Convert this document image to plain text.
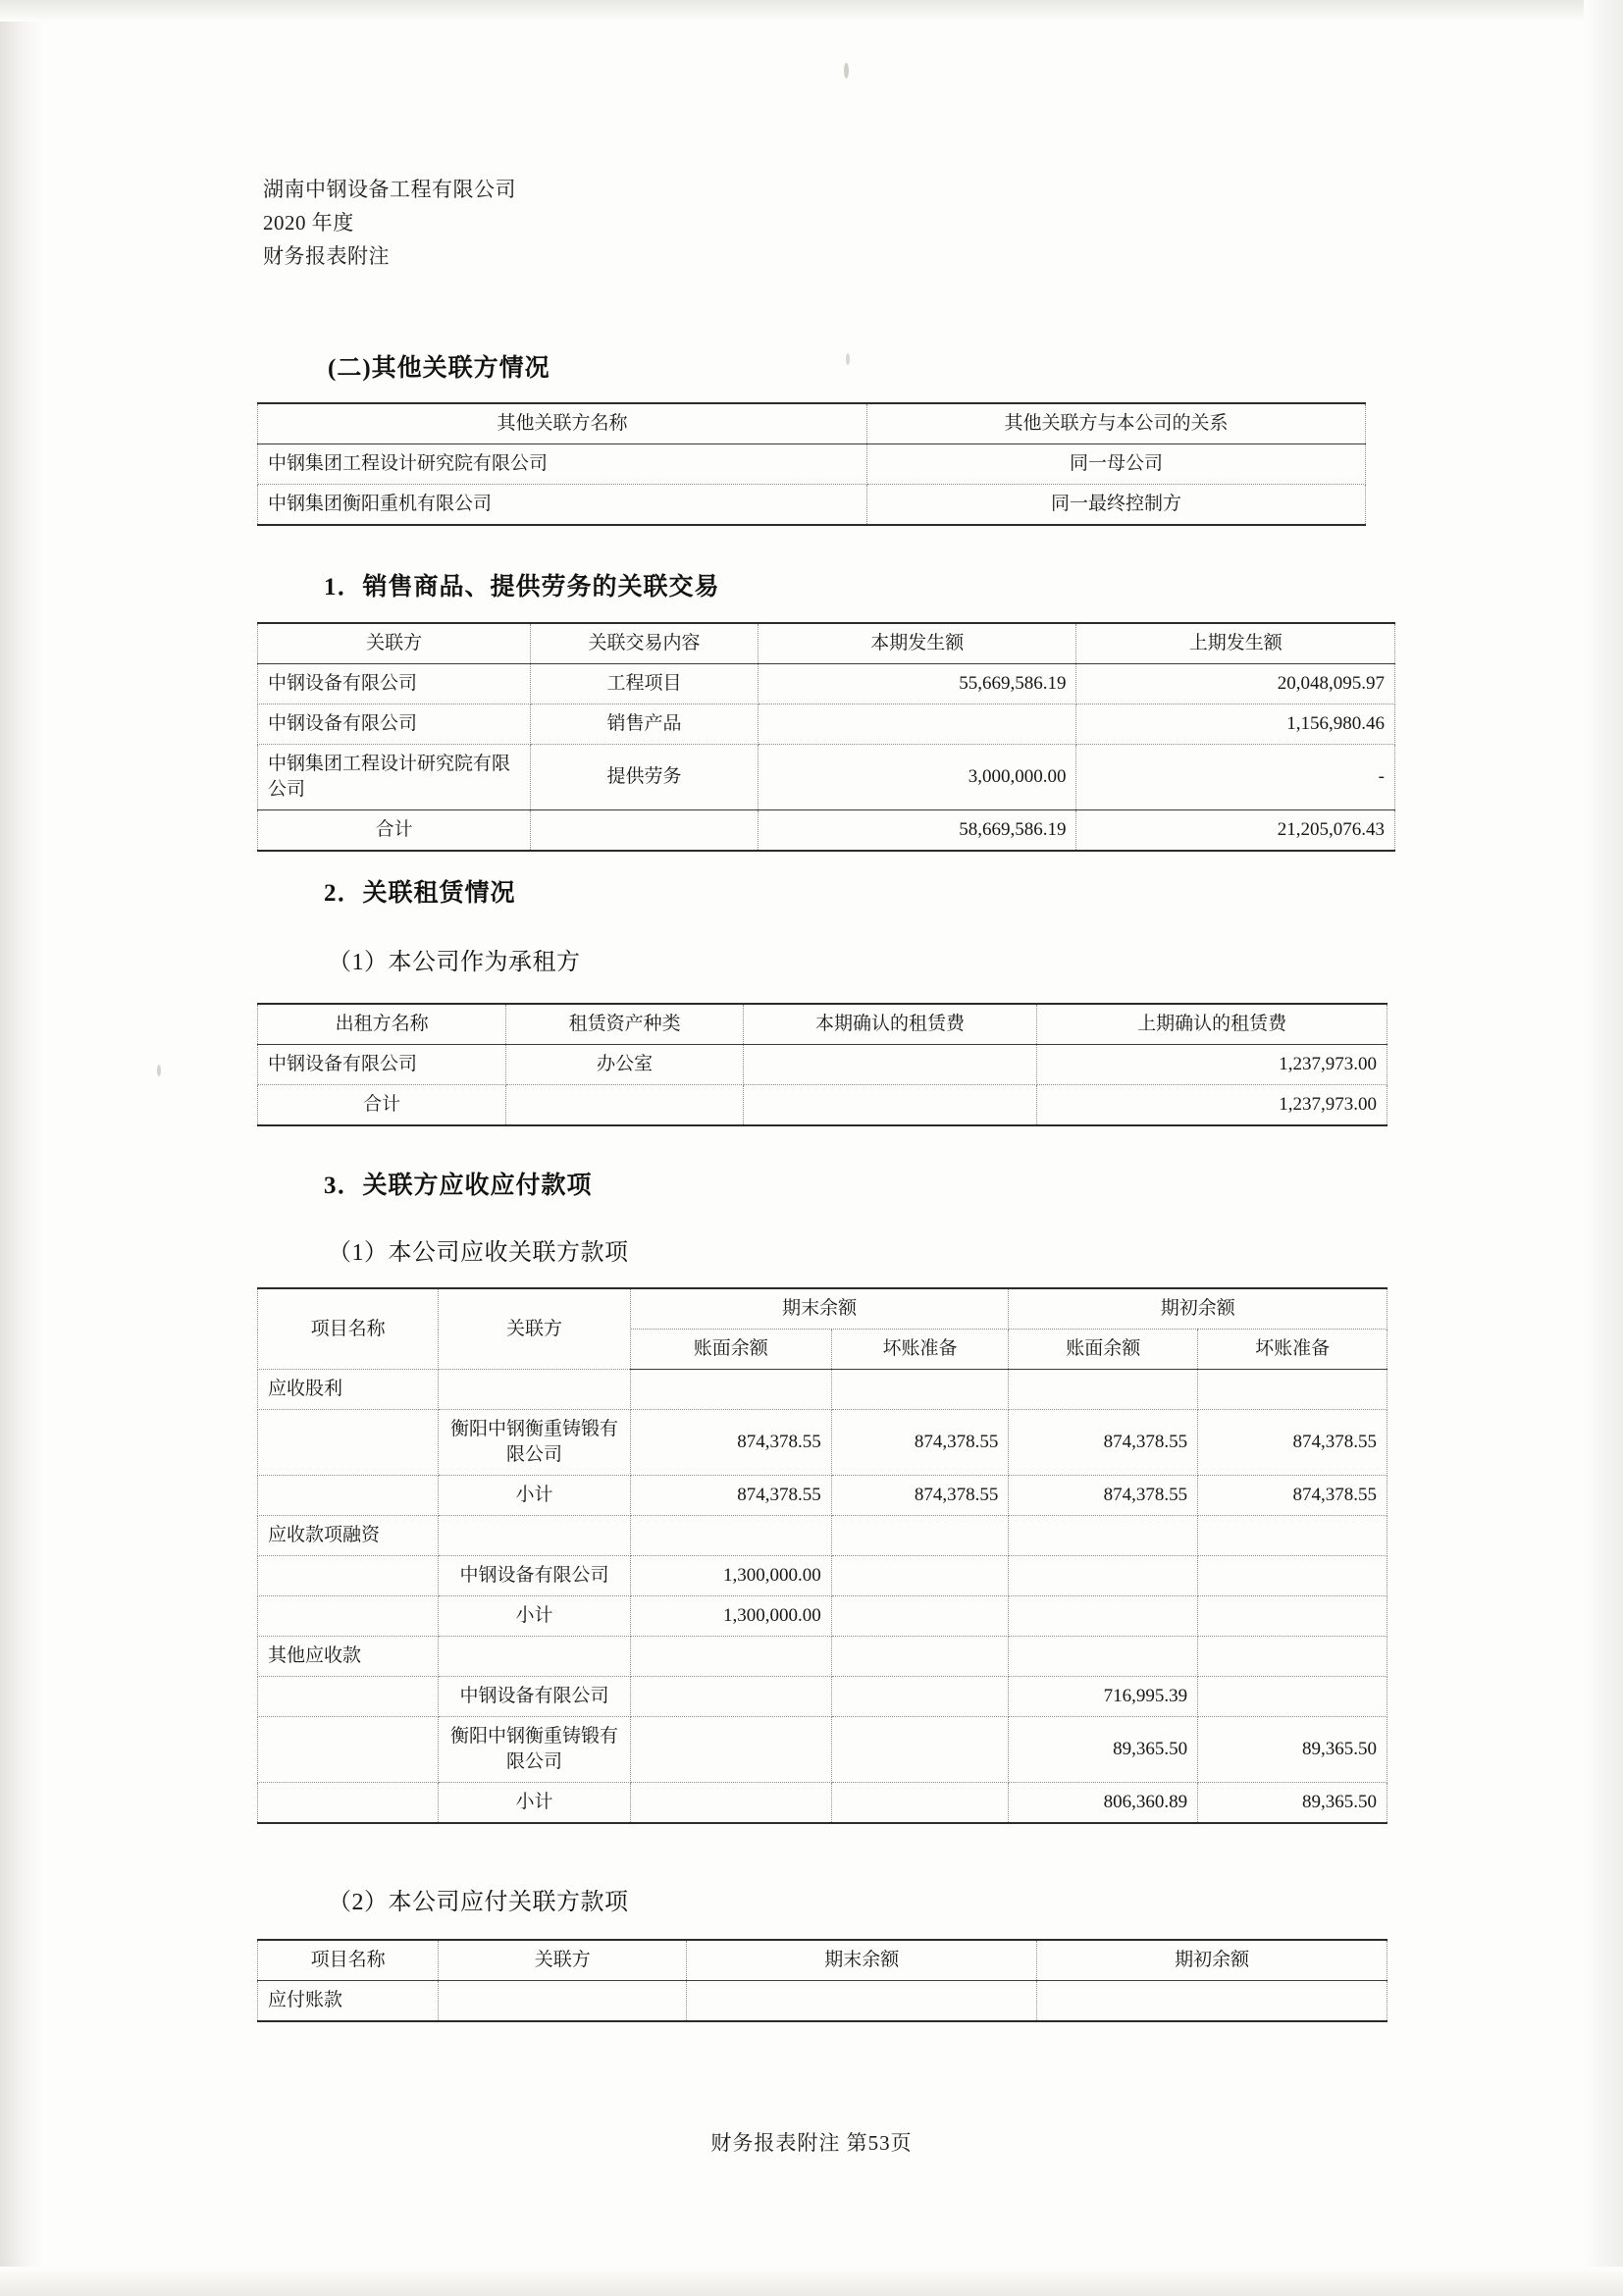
湖南中钢设备工程有限公司
2020 年度
财务报表附注
(二)其他关联方情况
其他关联方名称	其他关联方与本公司的关系
中钢集团工程设计研究院有限公司	同一母公司
中钢集团衡阳重机有限公司	同一最终控制方
1．销售商品、提供劳务的关联交易
关联方	关联交易内容	本期发生额	上期发生额
中钢设备有限公司	工程项目	55,669,586.19	20,048,095.97
中钢设备有限公司	销售产品		1,156,980.46
中钢集团工程设计研究院有限公司	提供劳务	3,000,000.00	-
合计		58,669,586.19	21,205,076.43
2．关联租赁情况
（1）本公司作为承租方
出租方名称	租赁资产种类	本期确认的租赁费	上期确认的租赁费
中钢设备有限公司	办公室		1,237,973.00
合计			1,237,973.00
3．关联方应收应付款项
（1）本公司应收关联方款项
项目名称	关联方	期末余额		期初余额	
		账面余额	坏账准备	账面余额	坏账准备
应收股利					
	衡阳中钢衡重铸锻有限公司	874,378.55	874,378.55	874,378.55	874,378.55
	小计	874,378.55	874,378.55	874,378.55	874,378.55
应收款项融资					
	中钢设备有限公司	1,300,000.00			
	小计	1,300,000.00			
其他应收款					
	中钢设备有限公司			716,995.39	
	衡阳中钢衡重铸锻有限公司			89,365.50	89,365.50
	小计			806,360.89	89,365.50
（2）本公司应付关联方款项
项目名称	关联方	期末余额	期初余额
应付账款			
财务报表附注 第53页
